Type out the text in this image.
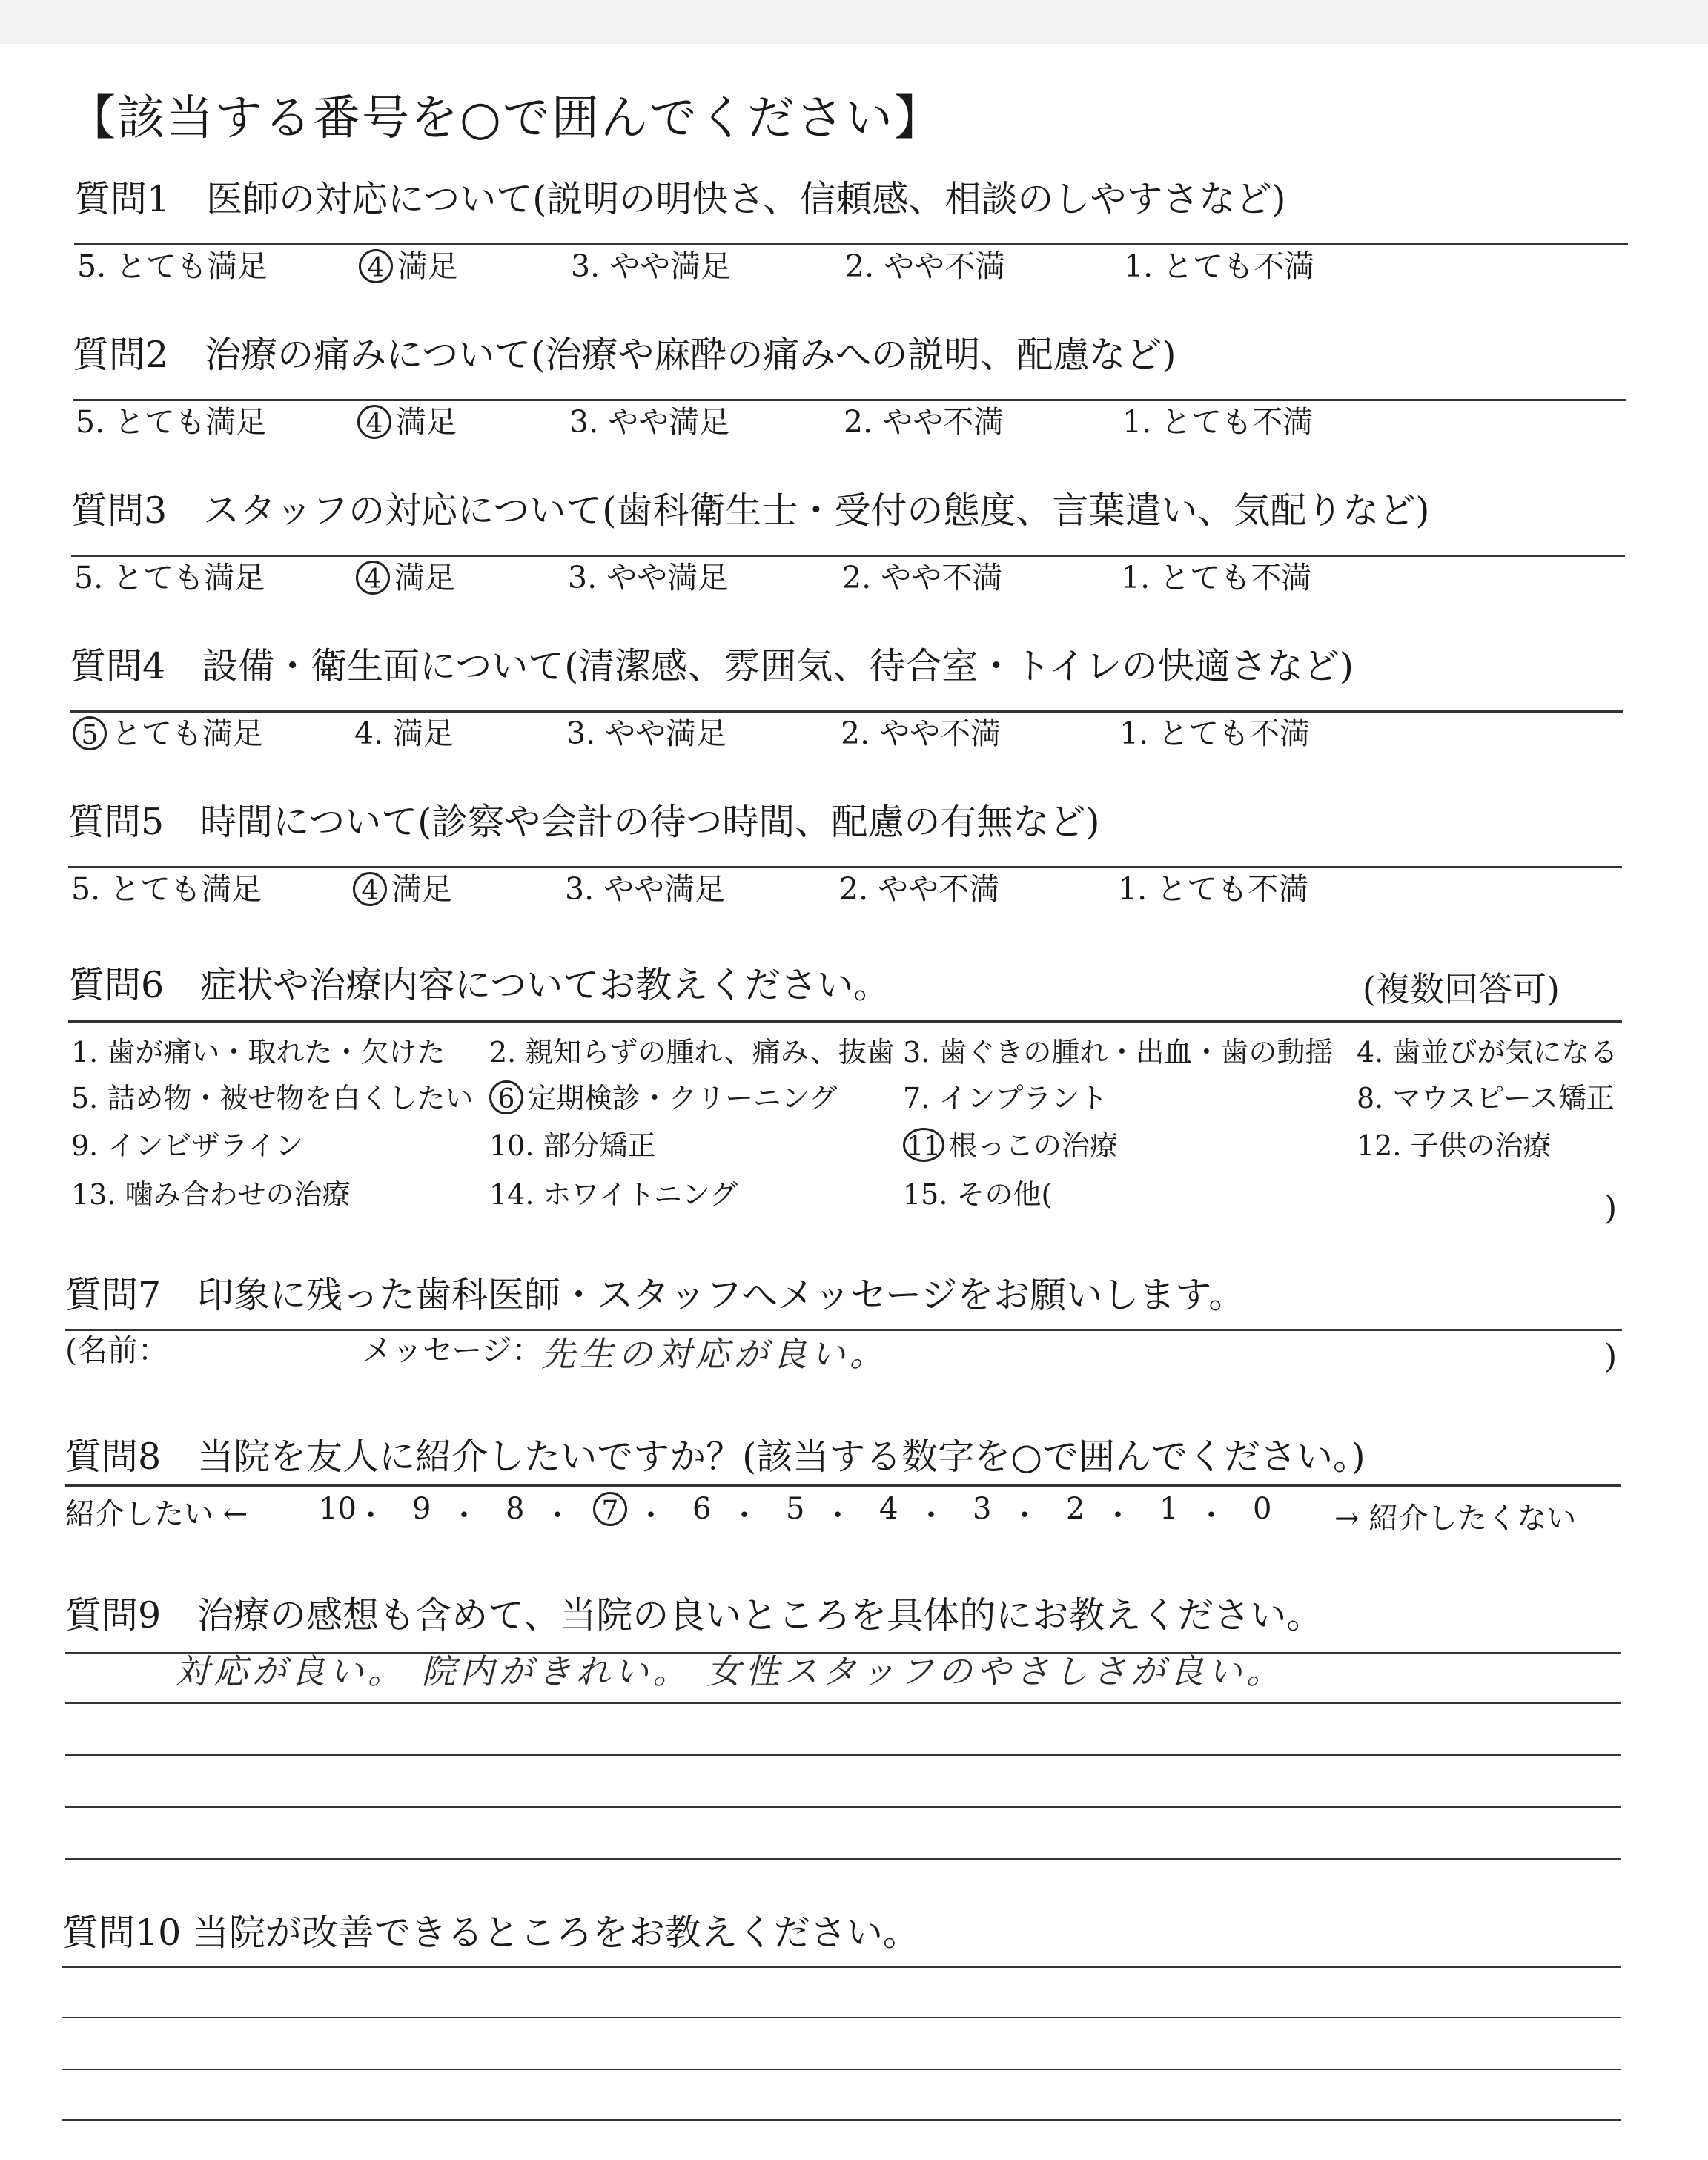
【該当する番号を○で囲んでください】
質問1　医師の対応について(説明の明快さ、信頼感、相談のしやすさなど)
5. とても満足	4 満足	3. やや満足	2. やや不満	1. とても不満
質問2　治療の痛みについて(治療や麻酔の痛みへの説明、配慮など)
5. とても満足	4 満足	3. やや満足	2. やや不満	1. とても不満
質問3　スタッフの対応について(歯科衛生士・受付の態度、言葉遣い、気配りなど)
5. とても満足	4 満足	3. やや満足	2. やや不満	1. とても不満
質問4　設備・衛生面について(清潔感、雰囲気、待合室・トイレの快適さなど)
5 とても満足	4. 満足	3. やや満足	2. やや不満	1. とても不満
質問5　時間について(診察や会計の待つ時間、配慮の有無など)
5. とても満足	4 満足	3. やや満足	2. やや不満	1. とても不満
質問6　症状や治療内容についてお教えください。	(複数回答可)
1. 歯が痛い・取れた・欠けた 2. 親知らずの腫れ、痛み、抜歯 3. 歯ぐきの腫れ・出血・歯の動揺 4. 歯並びが気になる
5. 詰め物・被せ物を白くしたい 6 定期検診・クリーニング 7. インプラント	8. マウスピース矯正
9. インビザライン	10. 部分矯正	11 根っこの治療	12. 子供の治療
13. 噛み合わせの治療	14. ホワイトニング	15. その他(	)
質問7　印象に残った歯科医師・スタッフへメッセージをお願いします。
(名前：	メッセージ：
先生の対応が良い。	)
質問8　当院を友人に紹介したいですか？(該当する数字を○で囲んでください。)
紹介したい ←	→ 紹介したくない
10 ・ 9 ・ 8 ・ 7 ・ 6 ・ 5 ・ 4 ・ 3 ・ 2 ・ 1 ・ 0
質問9　治療の感想も含めて、当院の良いところを具体的にお教えください。
対応が良い。 院内がきれい。 女性スタッフのやさしさが良い。
質問10 当院が改善できるところをお教えください。
